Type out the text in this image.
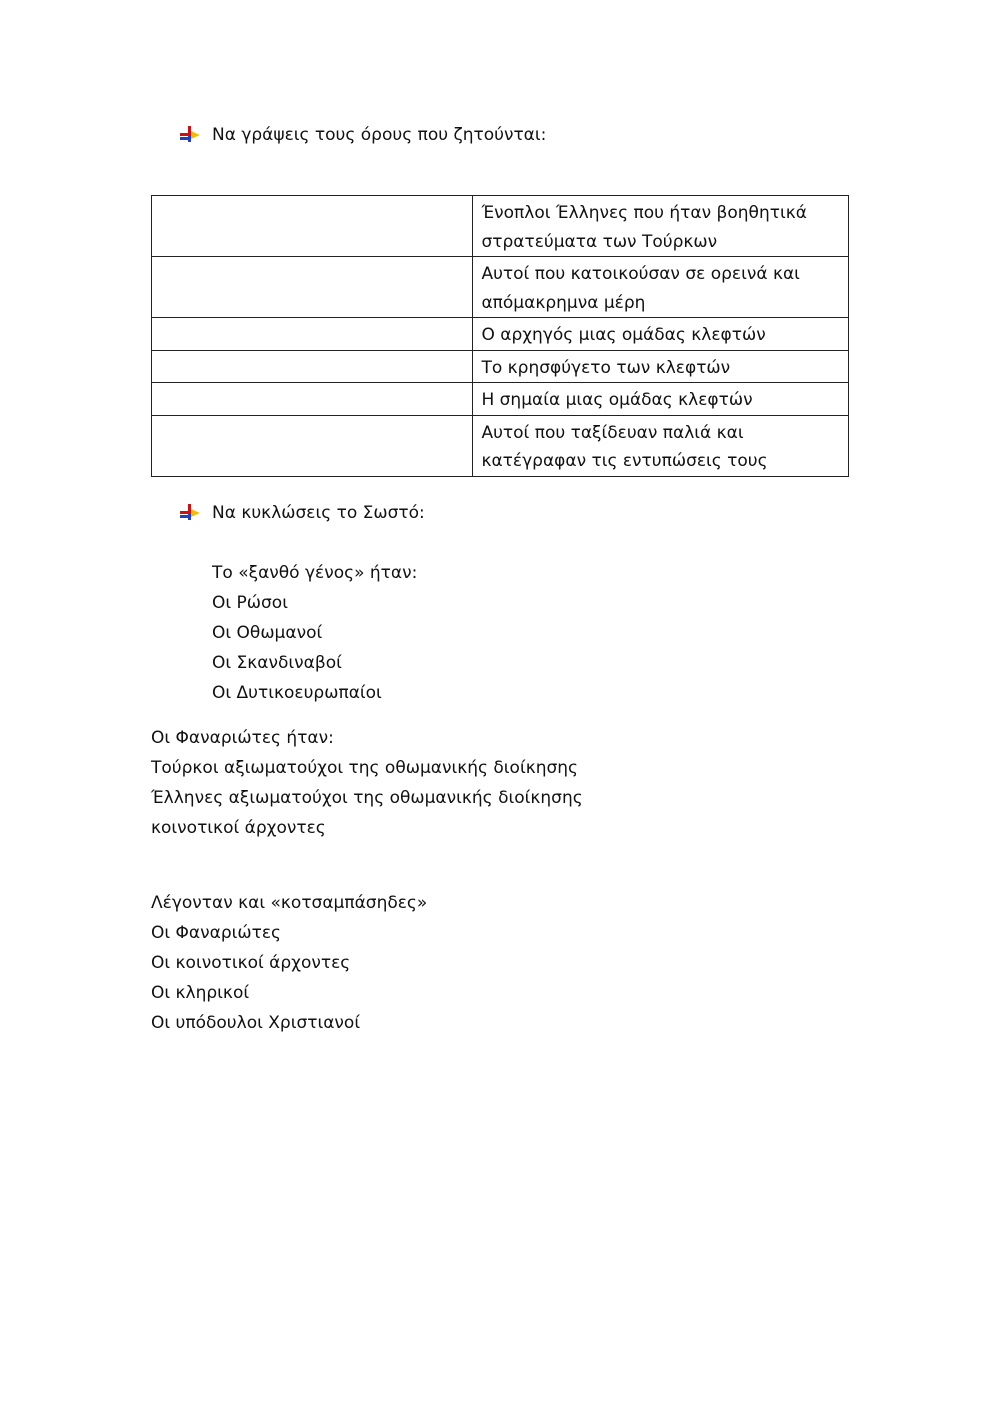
Να γράψεις τους όρους που ζητούνται:
	Ένοπλοι Έλληνες που ήταν βοηθητικά στρατεύματα των Τούρκων
	Αυτοί που κατοικούσαν σε ορεινά και απόμακρημνα μέρη
	Ο αρχηγός μιας ομάδας κλεφτών
	Το κρησφύγετο των κλεφτών
	Η σημαία μιας ομάδας κλεφτών
	Αυτοί που ταξίδευαν παλιά και κατέγραφαν τις εντυπώσεις τους
Να κυκλώσεις το Σωστό:
Το «ξανθό γένος» ήταν:
Οι Ρώσοι
Οι Οθωμανοί
Οι Σκανδιναβοί
Οι Δυτικοευρωπαίοι
Οι Φαναριώτες ήταν:
Τούρκοι αξιωματούχοι της οθωμανικής διοίκησης
Έλληνες αξιωματούχοι της οθωμανικής διοίκησης
κοινοτικοί άρχοντες
Λέγονταν και «κοτσαμπάσηδες»
Οι Φαναριώτες
Οι κοινοτικοί άρχοντες
Οι κληρικοί
Οι υπόδουλοι Χριστιανοί
